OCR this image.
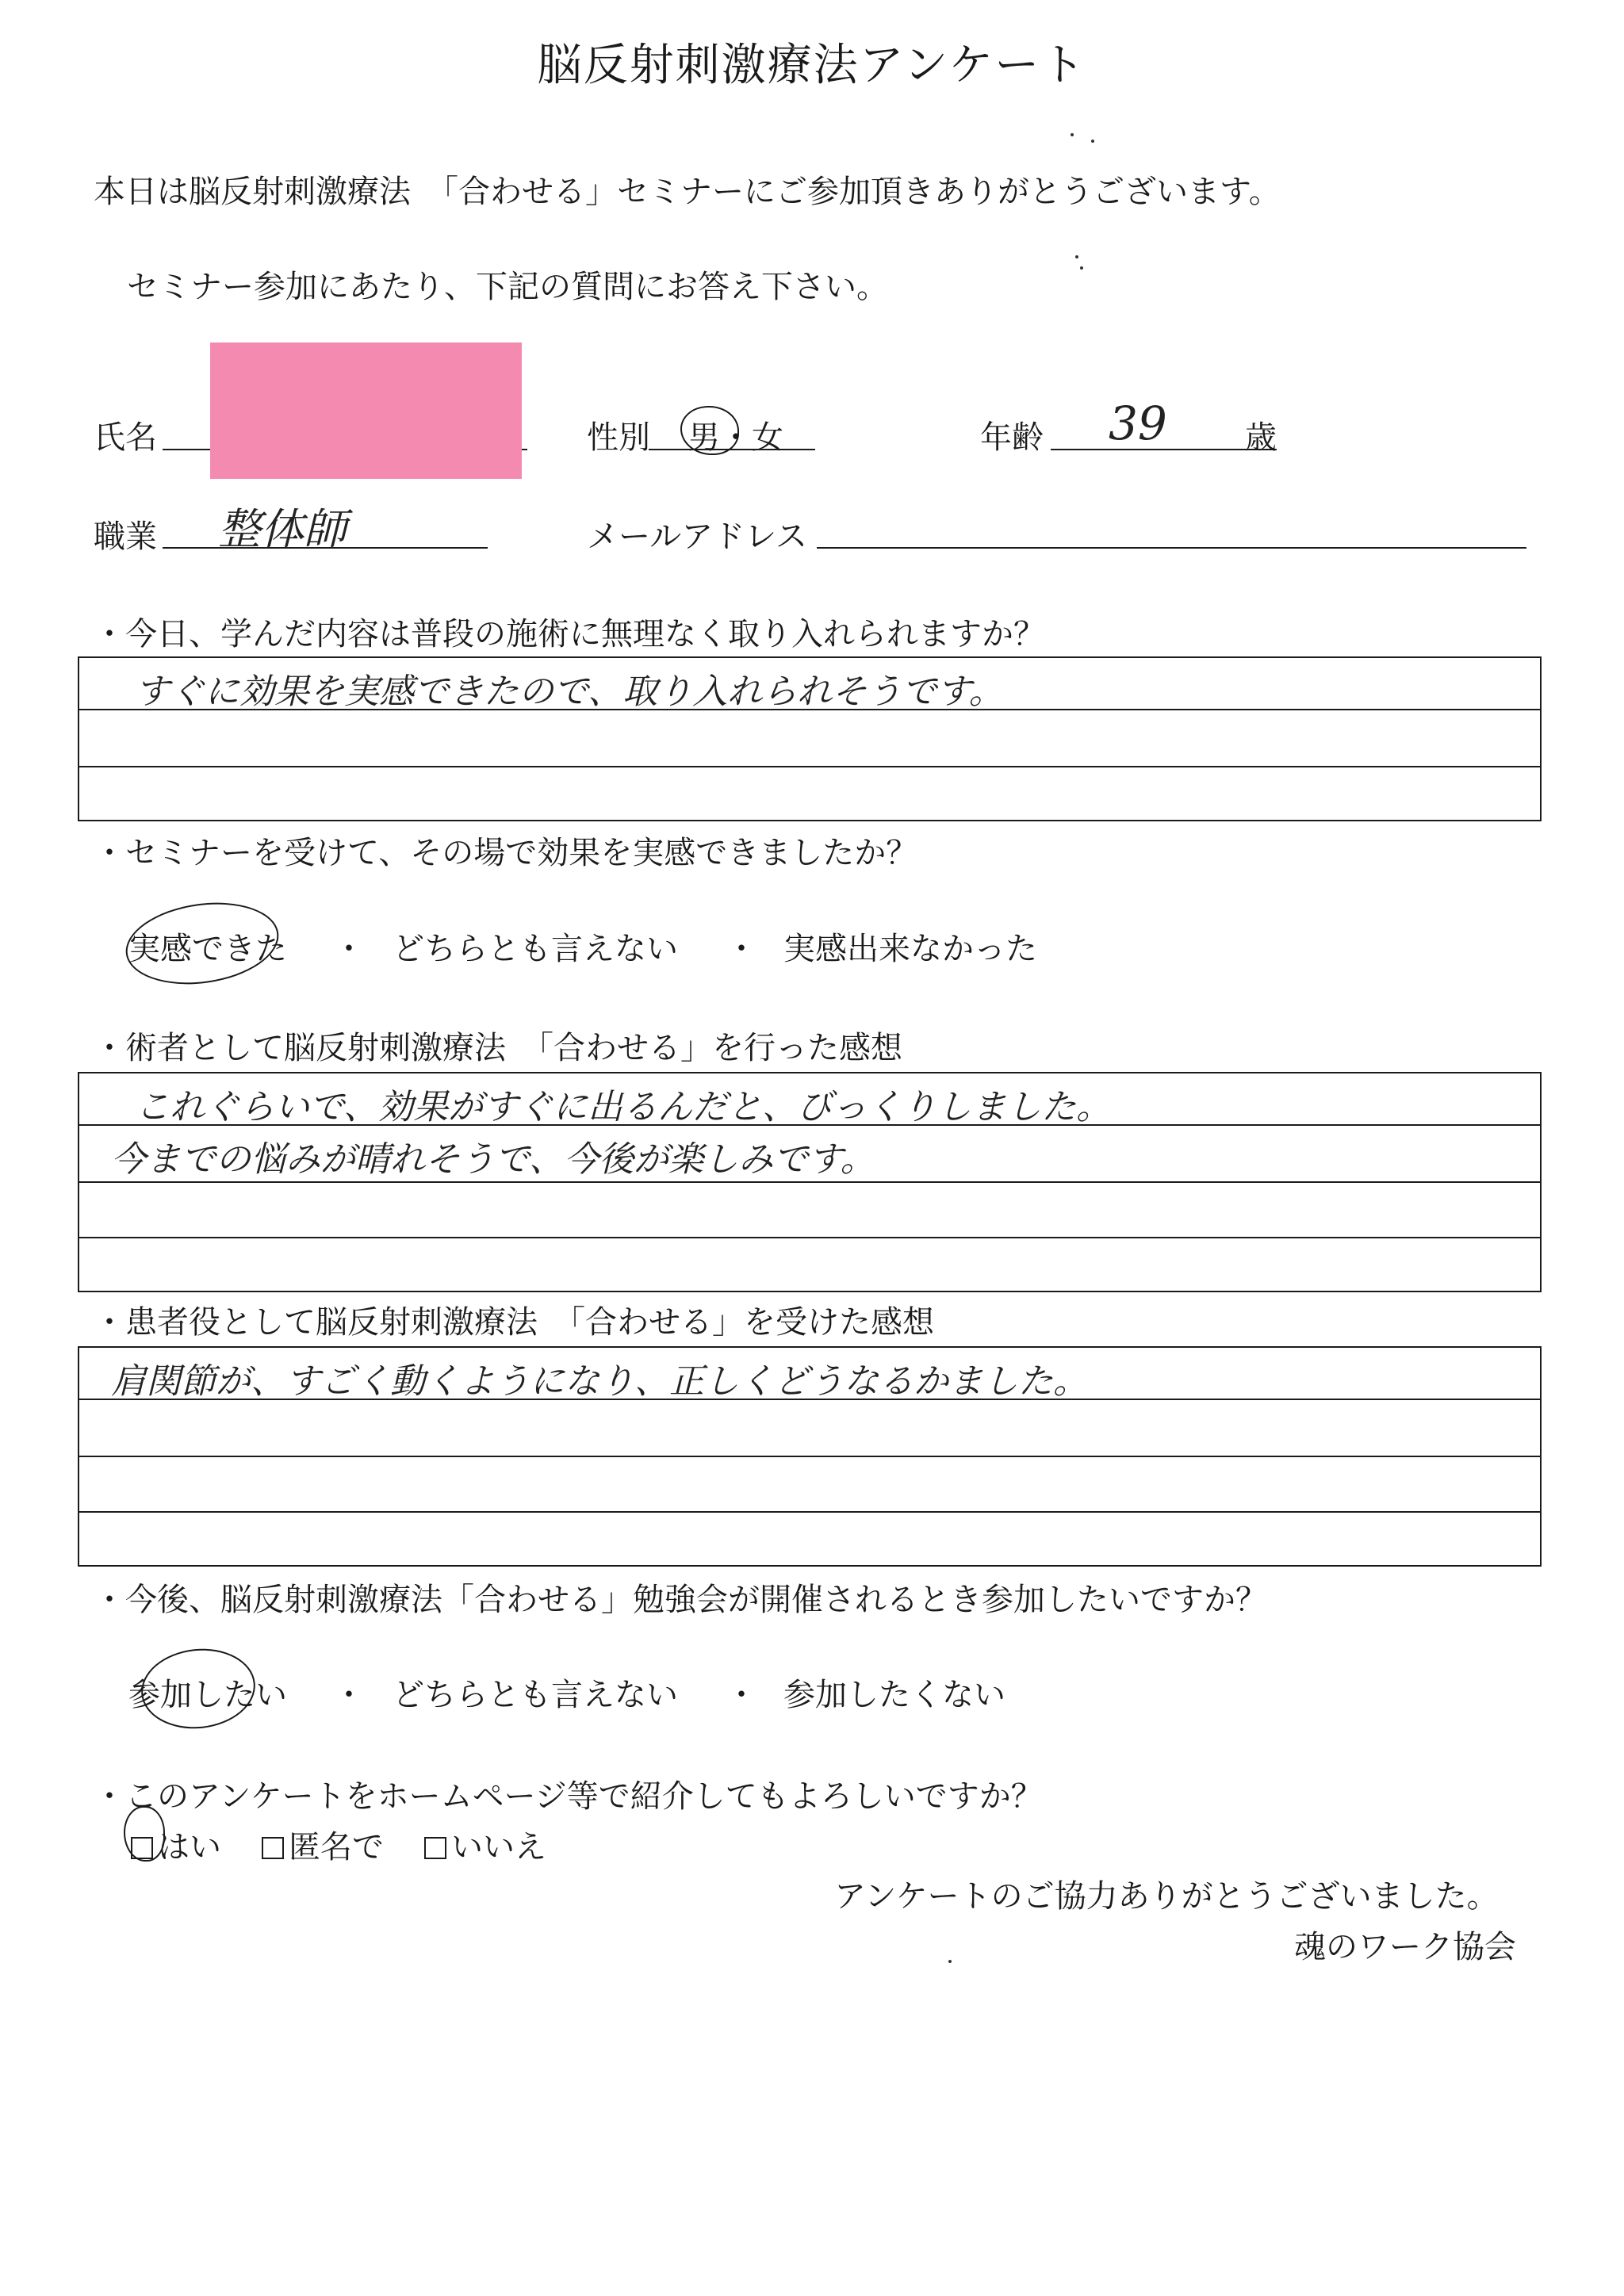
脳反射刺激療法アンケート
本日は脳反射刺激療法　「合わせる」セミナーにご参加頂きありがとうございます。
セミナー参加にあたり、下記の質問にお答え下さい。
氏名	性別 男・女	年齢 39 歳
職業 整体師	メールアドレス
・今日、学んだ内容は普段の施術に無理なく取り入れられますか？
すぐに効果を実感できたので、取り入れられそうです。
・セミナーを受けて、その場で効果を実感できましたか？
実感できた ・ どちらとも言えない ・ 実感出来なかった
・術者として脳反射刺激療法　「合わせる」を行った感想
これぐらいで、効果がすぐに出るんだと、びっくりしました。
今までの悩みが晴れそうで、今後が楽しみです。
・患者役として脳反射刺激療法　「合わせる」を受けた感想
肩関節が、すごく動くようになり、正しくどうなるかました。
・今後、脳反射刺激療法「合わせる」勉強会が開催されるとき参加したいですか？
参加したい ・ どちらとも言えない ・ 参加したくない
・このアンケートをホームページ等で紹介してもよろしいですか？
はい	匿名で	いいえ
アンケートのご協力ありがとうございました。
魂のワーク協会
